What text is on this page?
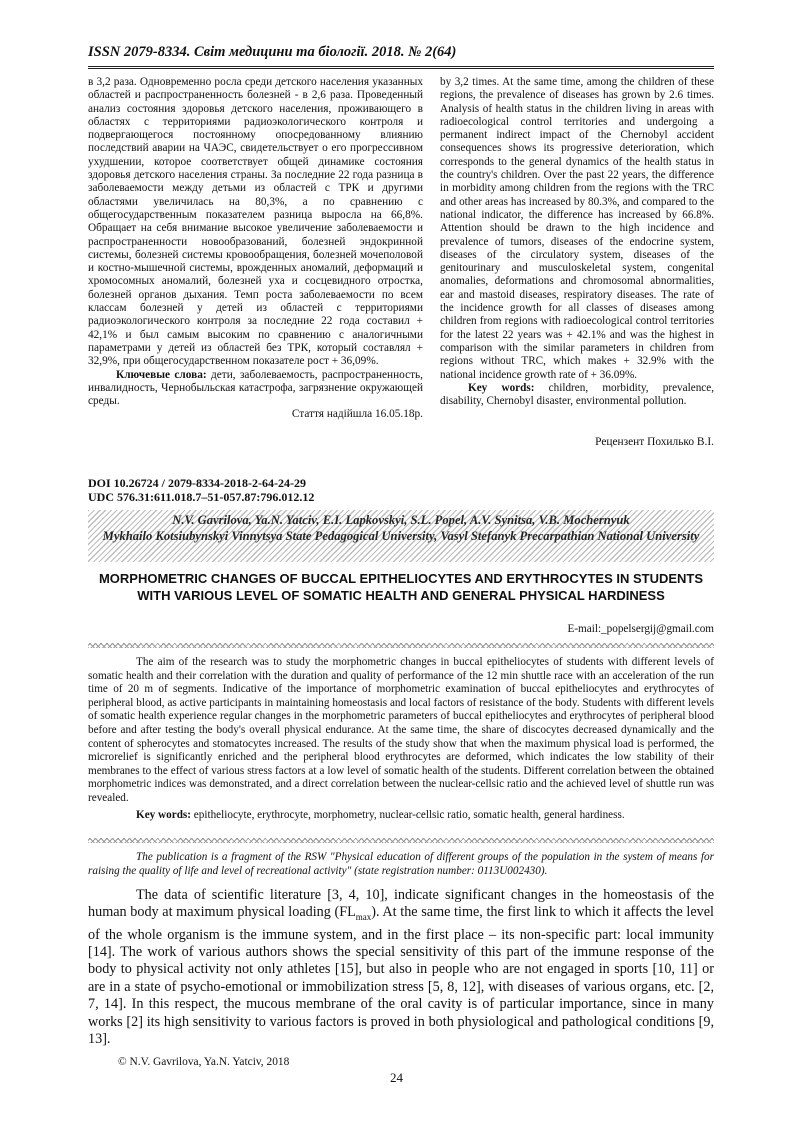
ISSN 2079-8334. Світ медицини та біології. 2018. № 2(64)

в 3,2 раза. Одновременно росла среди детского населения указанных областей и распространенность болезней - в 2,6 раза. Проведенный анализ состояния здоровья детского населения, проживающего в областях с территориями радиоэкологического контроля и подвергающегося постоянному опосредованному влиянию последствий аварии на ЧАЭС, свидетельствует о его прогрессивном ухудшении, которое соответствует общей динамике состояния здоровья детского населения страны. За последние 22 года разница в заболеваемости между детьми из областей с ТРК и другими областями увеличилась на 80,3%, а по сравнению с общегосударственным показателем разница выросла на 66,8%. Обращает на себя внимание высокое увеличение заболеваемости и распространенности новообразований, болезней эндокринной системы, болезней системы кровообращения, болезней мочеполовой и костно-мышечной системы, врожденных аномалий, деформаций и хромосомных аномалий, болезней уха и сосцевидного отростка, болезней органов дыхания. Темп роста заболеваемости по всем классам болезней у детей из областей с территориями радиоэкологического контроля за последние 22 года составил + 42,1% и был самым высоким по сравнению с аналогичными параметрами у детей из областей без ТРК, который составлял + 32,9%, при общегосударственном показателе рост + 36,09%.

Ключевые слова: дети, заболеваемость, распространенность, инвалидность, Чернобыльская катастрофа, загрязнение окружающей среды.

Стаття надійшла 16.05.18р.

by 3,2 times. At the same time, among the children of these regions, the prevalence of diseases has grown by 2.6 times. Analysis of health status in the children living in areas with radioecological control territories and undergoing a permanent indirect impact of the Chernobyl accident consequences shows its progressive deterioration, which corresponds to the general dynamics of the health status in the country's children. Over the past 22 years, the difference in morbidity among children from the regions with the TRC and other areas has increased by 80.3%, and compared to the national indicator, the difference has increased by 66.8%. Attention should be drawn to the high incidence and prevalence of tumors, diseases of the endocrine system, diseases of the circulatory system, diseases of the genitourinary and musculoskeletal system, congenital anomalies, deformations and chromosomal abnormalities, ear and mastoid diseases, respiratory diseases. The rate of the incidence growth for all classes of diseases among children from regions with radioecological control territories for the latest 22 years was + 42.1% and was the highest in comparison with the similar parameters in children from regions without TRC, which makes + 32.9% with the national incidence growth rate of + 36.09%.

Key words: children, morbidity, prevalence, disability, Chernobyl disaster, environmental pollution.

Рецензент Похилько В.І.
DOI 10.26724 / 2079-8334-2018-2-64-24-29
UDC 576.31:611.018.7–51-057.87:796.012.12
N.V. Gavrilova, Ya.N. Yatciv, E.I. Lapkovskyi, S.L. Popel, A.V. Synitsa, V.B. Mochernyuk
Mykhailo Kotsiubynskyi Vinnytsya State Pedagogical University, Vasyl Stefanyk Precarpathian National University
MORPHOMETRIC CHANGES OF BUCCAL EPITHELIOCYTES AND ERYTHROCYTES IN STUDENTS WITH VARIOUS LEVEL OF SOMATIC HEALTH AND GENERAL PHYSICAL HARDINESS
E-mail:_popelsergij@gmail.com

The aim of the research was to study the morphometric changes in buccal epitheliocytes of students with different levels of somatic health and their correlation with the duration and quality of performance of the 12 min shuttle race with an acceleration of the run time of 20 m of segments. Indicative of the importance of morphometric examination of buccal epitheliocytes and erythrocytes of peripheral blood, as active participants in maintaining homeostasis and local factors of resistance of the body. Students with different levels of somatic health experience regular changes in the morphometric parameters of buccal epitheliocytes and erythrocytes of peripheral blood before and after testing the body's overall physical endurance. At the same time, the share of discocytes decreased dynamically and the content of spherocytes and stomatocytes increased. The results of the study show that when the maximum physical load is performed, the microrelief is significantly enriched and the peripheral blood erythrocytes are deformed, which indicates the low stability of their membranes to the effect of various stress factors at a low level of somatic health of the students. Different correlation between the obtained morphometric indices was demonstrated, and a direct correlation between the nuclear-cellsic ratio and the achieved level of shuttle run was revealed.

Key words: epitheliocyte, erythrocyte, morphometry, nuclear-cellsic ratio, somatic health, general hardiness.

The publication is a fragment of the RSW "Physical education of different groups of the population in the system of means for raising the quality of life and level of recreational activity" (state registration number: 0113U002430).
The data of scientific literature [3, 4, 10], indicate significant changes in the homeostasis of the human body at maximum physical loading $(FL_{max})$. At the same time, the first link to which it affects the level of the whole organism is the immune system, and in the first place – its non-specific part: local immunity [14]. The work of various authors shows the special sensitivity of this part of the immune response of the body to physical activity not only athletes [15], but also in people who are not engaged in sports [10, 11] or are in a state of psycho-emotional or immobilization stress [5, 8, 12], with diseases of various organs, etc. [2, 7, 14]. In this respect, the mucous membrane of the oral cavity is of particular importance, since in many works [2] its high sensitivity to various factors is proved in both physiological and pathological conditions [9, 13].
© N.V. Gavrilova, Ya.N. Yatciv, 2018
24
